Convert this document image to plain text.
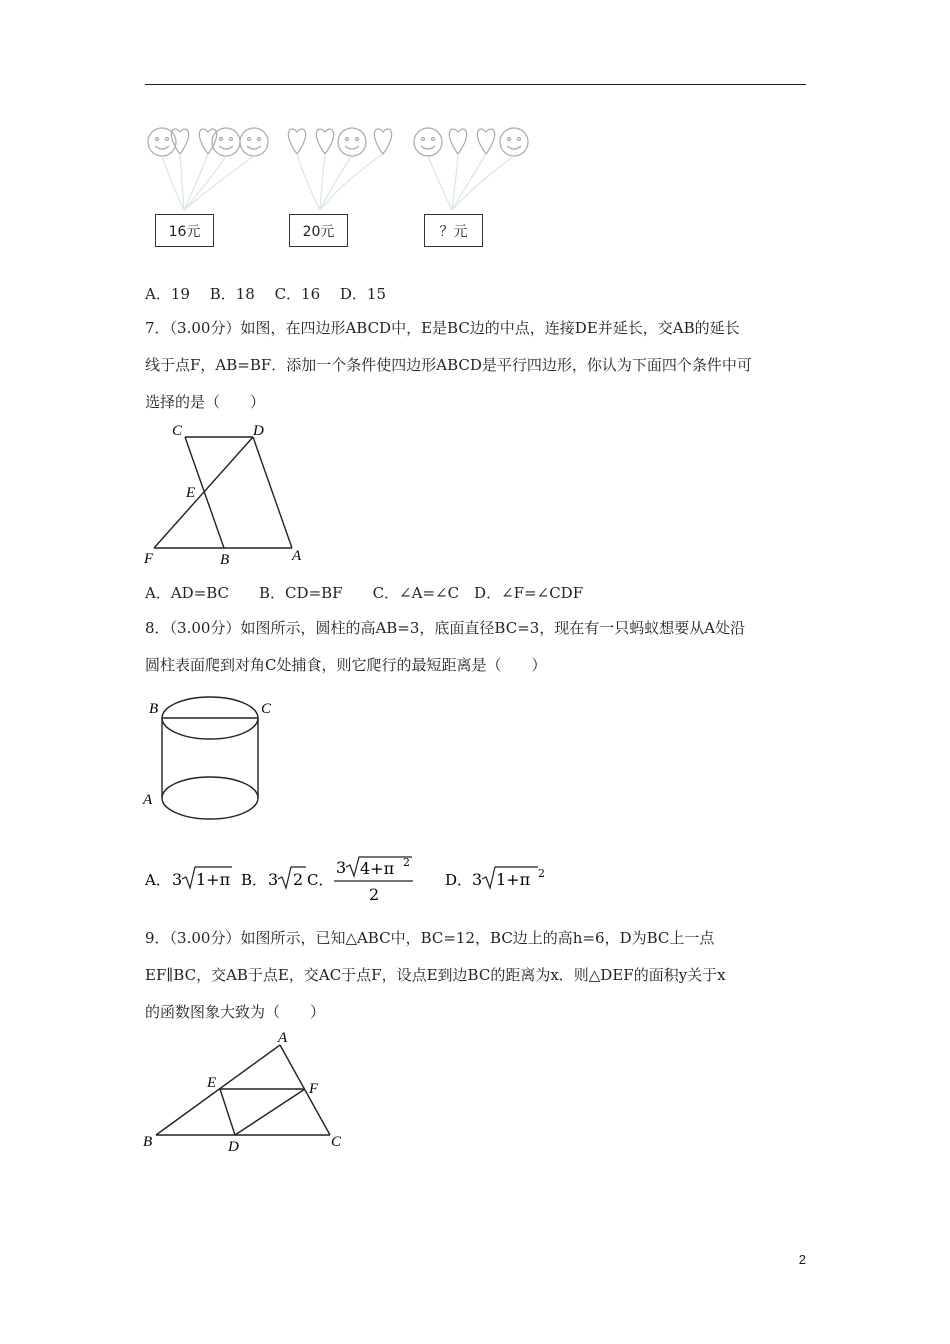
16元	20元	？元
A．19　 B．18　 C．16　 D．15
7．（3.00分）如图，在四边形ABCD中，E是BC边的中点，连接DE并延长，交AB的延长
线于点F，AB=BF．添加一个条件使四边形ABCD是平行四边形，你认为下面四个条件中可
选择的是（　　）
C	D
E
F	B	A
A．AD=BC　　B．CD=BF　　C．∠A=∠C　D．∠F=∠CDF
8．（3.00分）如图所示，圆柱的高AB=3，底面直径BC=3，现在有一只蚂蚁想要从A处沿
圆柱表面爬到对角C处捕食，则它爬行的最短距离是（　　）
B	C
A
A． 3 1+π B． 3 2 C．
3 4+π 2
2
D． 3 1+π 2
9．（3.00分）如图所示，已知△ABC中，BC=12，BC边上的高h=6，D为BC上一点
EF∥BC，交AB于点E，交AC于点F，设点E到边BC的距离为x．则△DEF的面积y关于x
的函数图象大致为（　　）
A
E	F
B	D	C
2
